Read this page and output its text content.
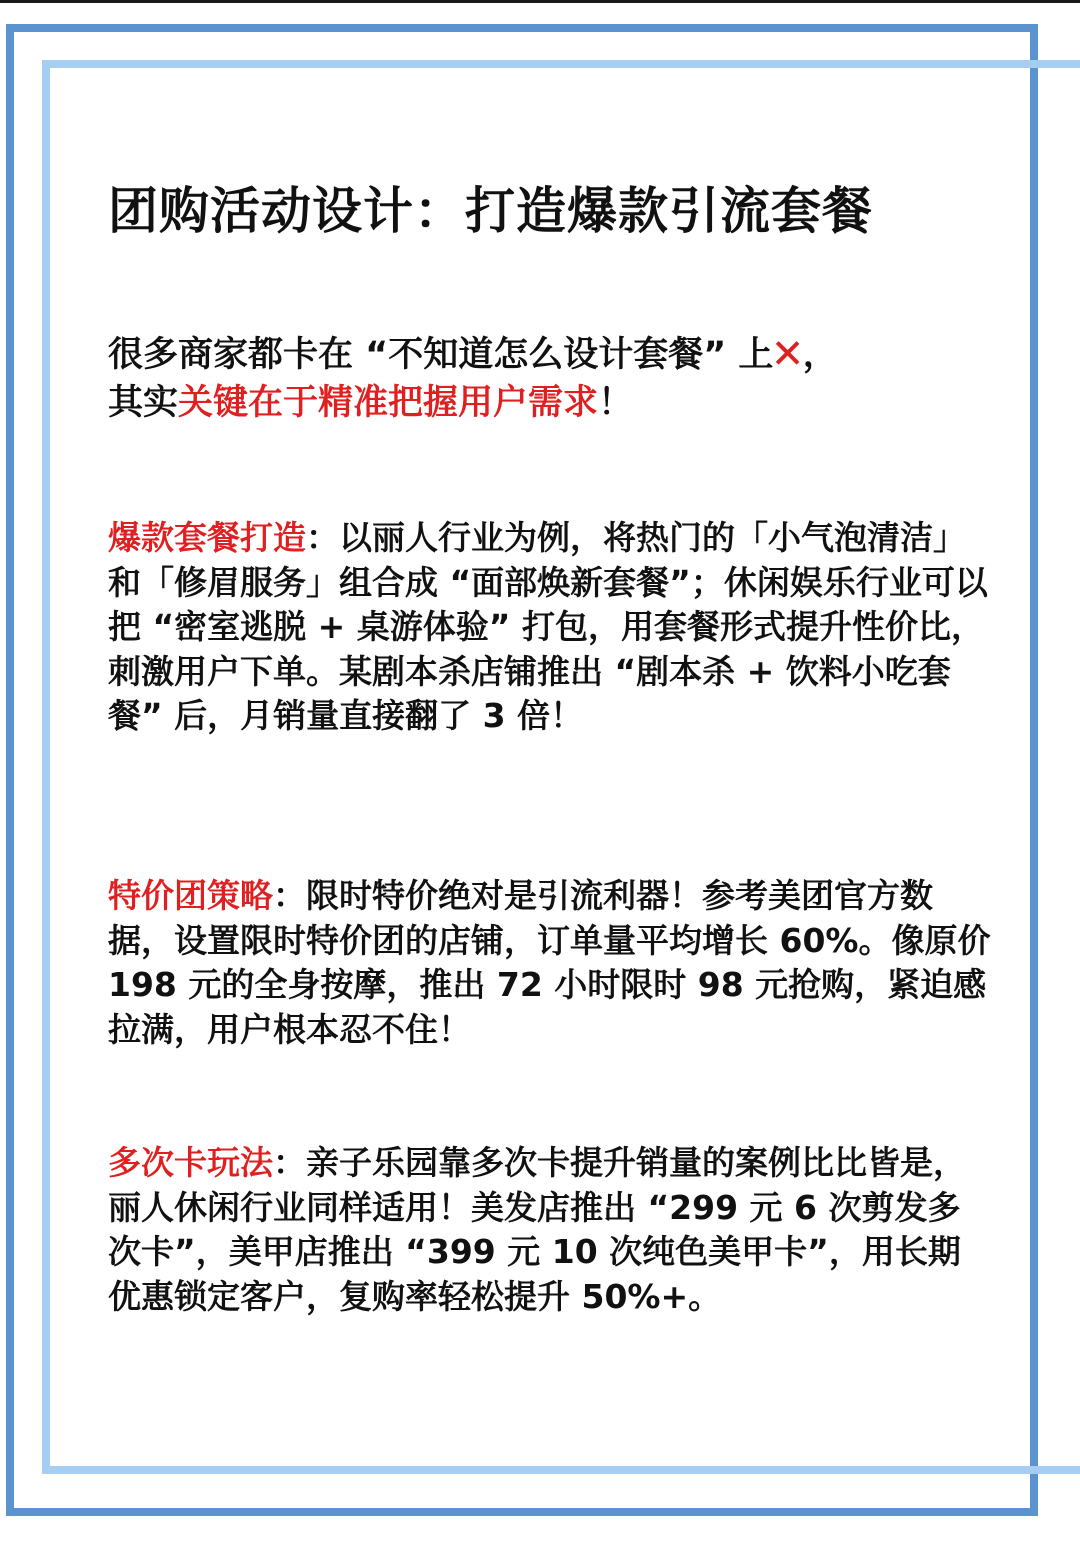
团购活动设计：打造爆款引流套餐

很多商家都卡在 “不知道怎么设计套餐” 上✕，
其实关键在于精准把握用户需求！

爆款套餐打造：以丽人行业为例，将热门的「小气泡清洁」和「修眉服务」组合成 “面部焕新套餐”；休闲娱乐行业可以把 “密室逃脱 + 桌游体验” 打包，用套餐形式提升性价比，刺激用户下单。某剧本杀店铺推出 “剧本杀 + 饮料小吃套餐” 后，月销量直接翻了 3 倍！

特价团策略：限时特价绝对是引流利器！参考美团官方数据，设置限时特价团的店铺，订单量平均增长 60%。像原价 198 元的全身按摩，推出 72 小时限时 98 元抢购，紧迫感拉满，用户根本忍不住！

多次卡玩法：亲子乐园靠多次卡提升销量的案例比比皆是，丽人休闲行业同样适用！美发店推出 “299 元 6 次剪发多次卡”，美甲店推出 “399 元 10 次纯色美甲卡”，用长期优惠锁定客户，复购率轻松提升 50%+。
